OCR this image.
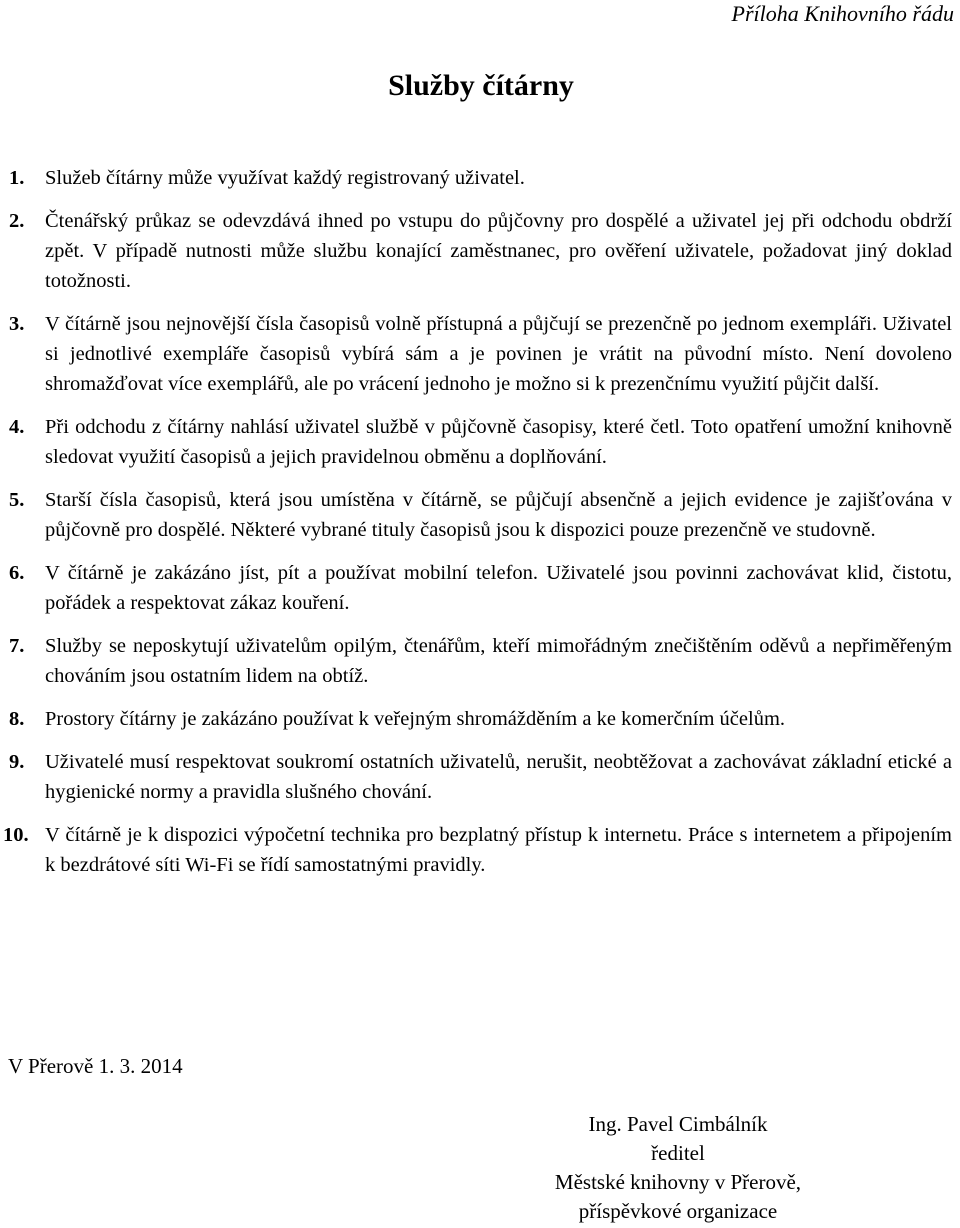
Příloha Knihovního řádu
Služby čítárny
1. Služeb čítárny může využívat každý registrovaný uživatel.
2. Čtenářský průkaz se odevzdává ihned po vstupu do půjčovny pro dospělé a uživatel jej při odchodu obdrží zpět. V případě nutnosti může službu konající zaměstnanec, pro ověření uživatele, požadovat jiný doklad totožnosti.
3. V čítárně jsou nejnovější čísla časopisů volně přístupná a půjčují se prezenčně po jednom exempláři. Uživatel si jednotlivé exempláře časopisů vybírá sám a je povinen je vrátit na původní místo. Není dovoleno shromažďovat více exemplářů, ale po vrácení jednoho je možno si k prezenčnímu využití půjčit další.
4. Při odchodu z čítárny nahlásí uživatel službě v půjčovně časopisy, které četl. Toto opatření umožní knihovně sledovat využití časopisů a jejich pravidelnou obměnu a doplňování.
5. Starší čísla časopisů, která jsou umístěna v čítárně, se půjčují absenčně a jejich evidence je zajišťována v půjčovně pro dospělé. Některé vybrané tituly časopisů jsou k dispozici pouze prezenčně ve studovně.
6. V čítárně je zakázáno jíst, pít a používat mobilní telefon. Uživatelé jsou povinni zachovávat klid, čistotu, pořádek a respektovat zákaz kouření.
7. Služby se neposkytují uživatelům opilým, čtenářům, kteří mimořádným znečištěním oděvů a nepřiměřeným chováním jsou ostatním lidem na obtíž.
8. Prostory čítárny je zakázáno používat k veřejným shromážděním a ke komerčním účelům.
9. Uživatelé musí respektovat soukromí ostatních uživatelů, nerušit, neobtěžovat a zachovávat základní etické a hygienické normy a pravidla slušného chování.
10. V čítárně je k dispozici výpočetní technika pro bezplatný přístup k internetu. Práce s internetem a připojením k bezdrátové síti Wi-Fi se řídí samostatnými pravidly.
V Přerově 1. 3. 2014
Ing. Pavel Cimbálník
ředitel
Městské knihovny v Přerově,
příspěvkové organizace
